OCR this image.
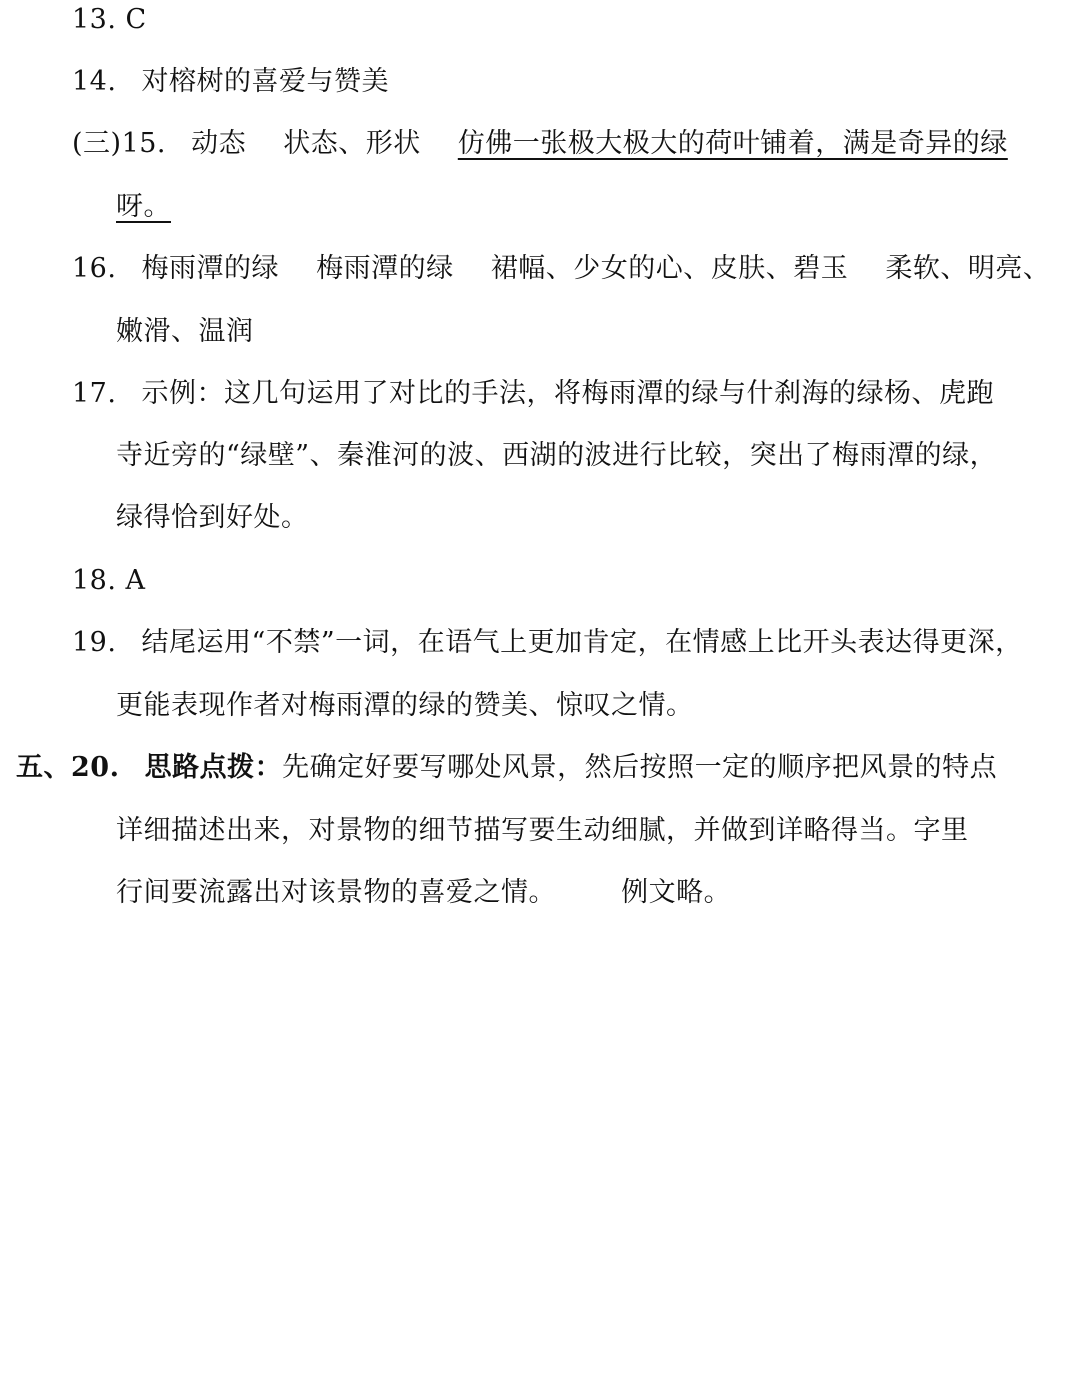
13. C
14. 对榕树的喜爱与赞美
(三)15. 动态 状态、形状 仿佛一张极大极大的荷叶铺着，满是奇异的绿
呀。
16. 梅雨潭的绿 梅雨潭的绿 裙幅、少女的心、皮肤、碧玉 柔软、明亮、
嫩滑、温润
17. 示例：这几句运用了对比的手法，将梅雨潭的绿与什刹海的绿杨、虎跑
寺近旁的“绿壁”、秦淮河的波、西湖的波进行比较，突出了梅雨潭的绿，
绿得恰到好处。
18. A
19. 结尾运用“不禁”一词，在语气上更加肯定，在情感上比开头表达得更深，
更能表现作者对梅雨潭的绿的赞美、惊叹之情。
五、20. 思路点拨：先确定好要写哪处风景，然后按照一定的顺序把风景的特点
详细描述出来，对景物的细节描写要生动细腻，并做到详略得当。字里
行间要流露出对该景物的喜爱之情。 例文略。
